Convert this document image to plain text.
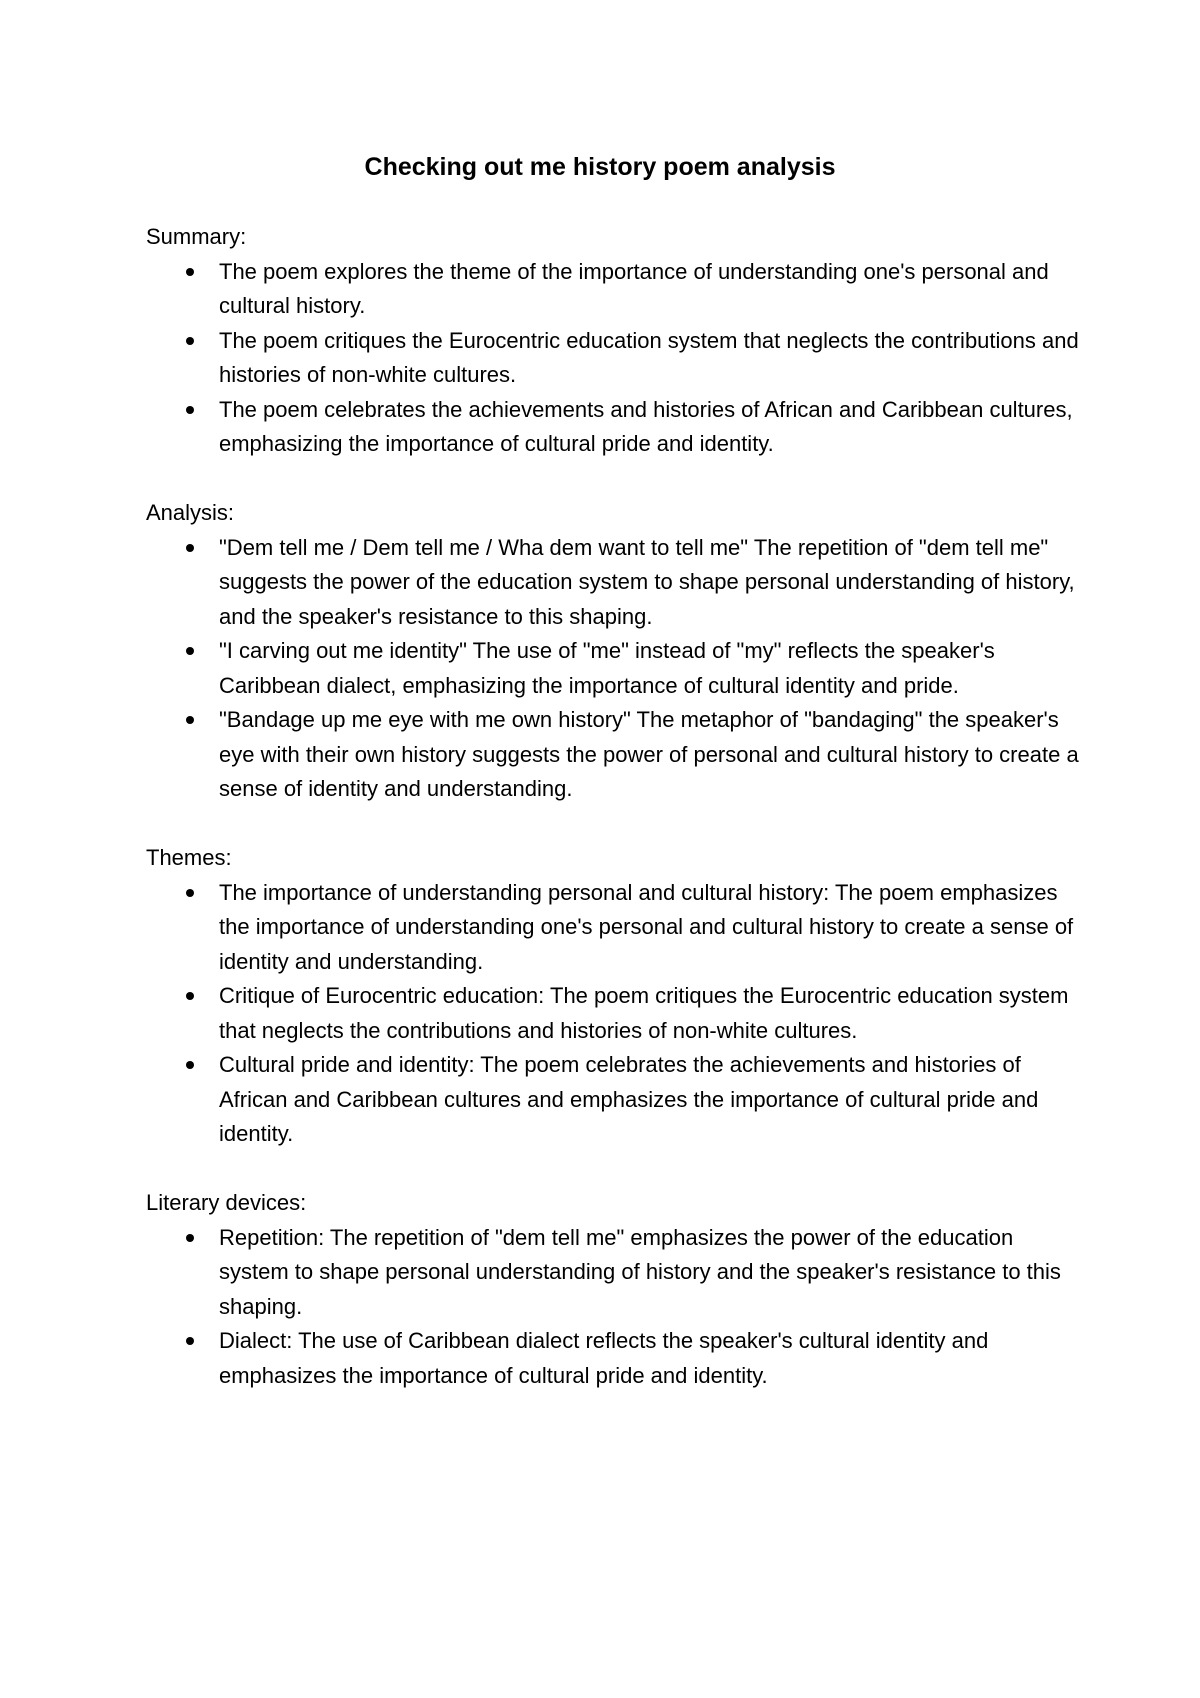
Checking out me history poem analysis

Summary:

The poem explores the theme of the importance of understanding one's personal and cultural history.
The poem critiques the Eurocentric education system that neglects the contributions and histories of non-white cultures.
The poem celebrates the achievements and histories of African and Caribbean cultures, emphasizing the importance of cultural pride and identity.

Analysis:

"Dem tell me / Dem tell me / Wha dem want to tell me" The repetition of "dem tell me" suggests the power of the education system to shape personal understanding of history, and the speaker's resistance to this shaping.
"I carving out me identity" The use of "me" instead of "my" reflects the speaker's Caribbean dialect, emphasizing the importance of cultural identity and pride.
"Bandage up me eye with me own history" The metaphor of "bandaging" the speaker's eye with their own history suggests the power of personal and cultural history to create a sense of identity and understanding.

Themes:

The importance of understanding personal and cultural history: The poem emphasizes the importance of understanding one's personal and cultural history to create a sense of identity and understanding.
Critique of Eurocentric education: The poem critiques the Eurocentric education system that neglects the contributions and histories of non-white cultures.
Cultural pride and identity: The poem celebrates the achievements and histories of African and Caribbean cultures and emphasizes the importance of cultural pride and identity.

Literary devices:

Repetition: The repetition of "dem tell me" emphasizes the power of the education system to shape personal understanding of history and the speaker's resistance to this shaping.
Dialect: The use of Caribbean dialect reflects the speaker's cultural identity and emphasizes the importance of cultural pride and identity.
